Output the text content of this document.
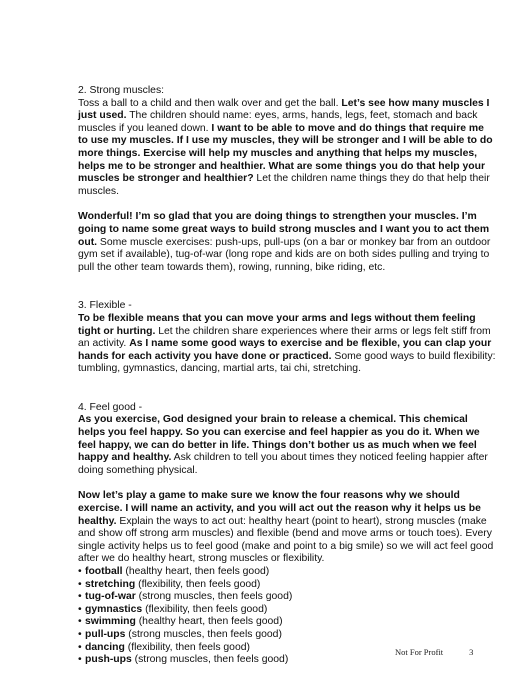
2. Strong muscles:

Toss a ball to a child and then walk over and get the ball. Let’s see how many muscles I just used. The children should name: eyes, arms, hands, legs, feet, stomach and back muscles if you leaned down. I want to be able to move and do things that require me to use my muscles. If I use my muscles, they will be stronger and I will be able to do more things. Exercise will help my muscles and anything that helps my muscles, helps me to be stronger and healthier. What are some things you do that help your muscles be stronger and healthier? Let the children name things they do that help their muscles.

Wonderful! I’m so glad that you are doing things to strengthen your muscles. I’m going to name some great ways to build strong muscles and I want you to act them out. Some muscle exercises: push-ups, pull-ups (on a bar or monkey bar from an outdoor gym set if available), tug-of-war (long rope and kids are on both sides pulling and trying to pull the other team towards them), rowing, running, bike riding, etc.

3. Flexible -

To be flexible means that you can move your arms and legs without them feeling tight or hurting. Let the children share experiences where their arms or legs felt stiff from an activity. As I name some good ways to exercise and be flexible, you can clap your hands for each activity you have done or practiced. Some good ways to build flexibility: tumbling, gymnastics, dancing, martial arts, tai chi, stretching.

4. Feel good -

As you exercise, God designed your brain to release a chemical. This chemical helps you feel happy. So you can exercise and feel happier as you do it. When we feel happy, we can do better in life. Things don’t bother us as much when we feel happy and healthy. Ask children to tell you about times they noticed feeling happier after doing something physical.

Now let’s play a game to make sure we know the four reasons why we should exercise. I will name an activity, and you will act out the reason why it helps us be healthy. Explain the ways to act out: healthy heart (point to heart), strong muscles (make and show off strong arm muscles) and flexible (bend and move arms or touch toes). Every single activity helps us to feel good (make and point to a big smile) so we will act feel good after we do healthy heart, strong muscles or flexibility.

• football (healthy heart, then feels good)
• stretching (flexibility, then feels good)
• tug-of-war (strong muscles, then feels good)
• gymnastics (flexibility, then feels good)
• swimming (healthy heart, then feels good)
• pull-ups (strong muscles, then feels good)
• dancing (flexibility, then feels good)
• push-ups (strong muscles, then feels good)
Not For Profit	3
